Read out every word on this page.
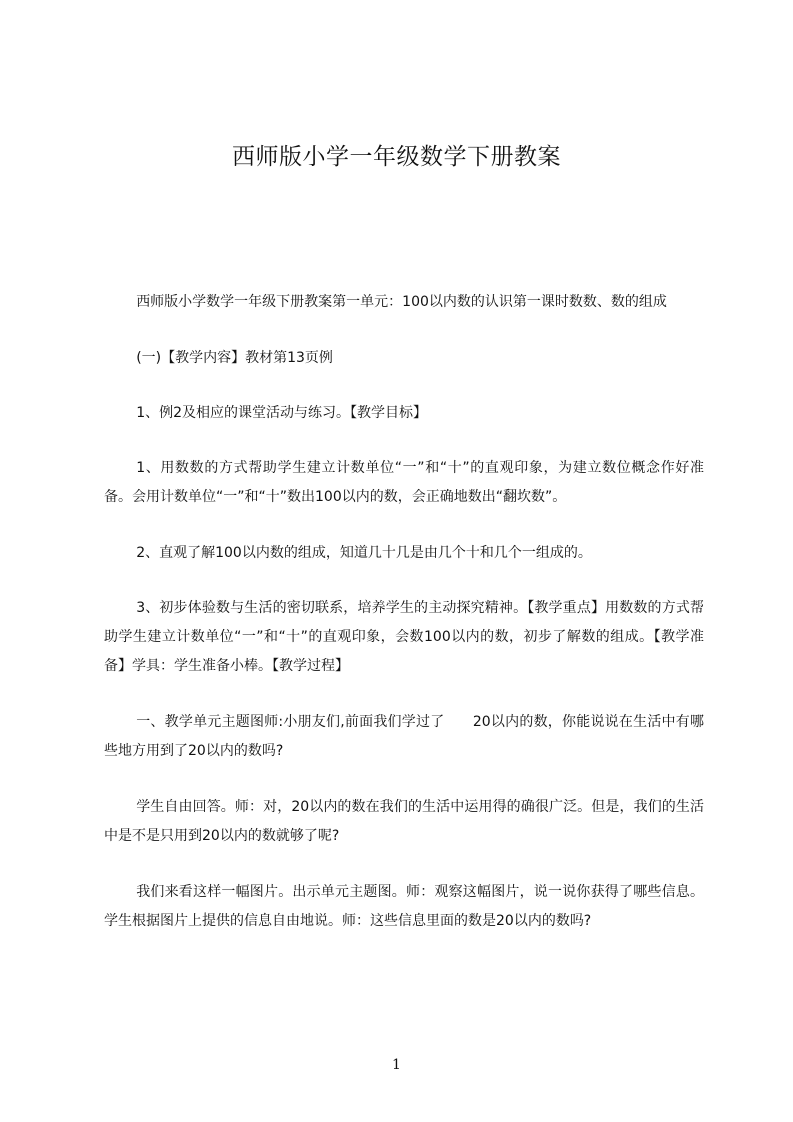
西师版小学一年级数学下册教案

西师版小学数学一年级下册教案第一单元：100以内数的认识第一课时数数、数的组成

(一)【教学内容】教材第13页例

1、例2及相应的课堂活动与练习。【教学目标】

1、用数数的方式帮助学生建立计数单位“一”和“十”的直观印象，为建立数位概念作好准备。会用计数单位“一”和“十”数出100以内的数，会正确地数出“翻坎数”。

2、直观了解100以内数的组成，知道几十几是由几个十和几个一组成的。

3、初步体验数与生活的密切联系，培养学生的主动探究精神。【教学重点】用数数的方式帮助学生建立计数单位“一”和“十”的直观印象，会数100以内的数，初步了解数的组成。【教学准备】学具：学生准备小棒。【教学过程】

一、教学单元主题图师:小朋友们,前面我们学过了　　20以内的数，你能说说在生活中有哪些地方用到了20以内的数吗?

学生自由回答。师：对，20以内的数在我们的生活中运用得的确很广泛。但是，我们的生活中是不是只用到20以内的数就够了呢?

我们来看这样一幅图片。出示单元主题图。师：观察这幅图片，说一说你获得了哪些信息。学生根据图片上提供的信息自由地说。师：这些信息里面的数是20以内的数吗?

1
